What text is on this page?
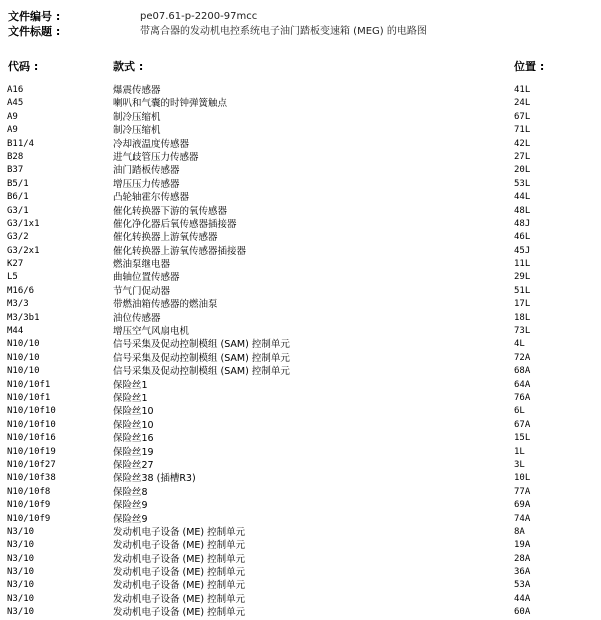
文件编号 :	pe07.61-p-2200-97mcc
文件标题 :	带离合器的发动机电控系统电子油门踏板变速箱 (MEG) 的电路图
代码 :	款式 :	位置 :
A16	爆震传感器	41L
A45	喇叭和气囊的时钟弹簧触点	24L
A9	制冷压缩机	67L
A9	制冷压缩机	71L
B11/4	冷却液温度传感器	42L
B28	进气歧管压力传感器	27L
B37	油门踏板传感器	20L
B5/1	增压压力传感器	53L
B6/1	凸轮轴霍尔传感器	44L
G3/1	催化转换器下游的氧传感器	48L
G3/1x1	催化净化器后氧传感器插接器	48J
G3/2	催化转换器上游氧传感器	46L
G3/2x1	催化转换器上游氧传感器插接器	45J
K27	燃油泵继电器	11L
L5	曲轴位置传感器	29L
M16/6	节气门促动器	51L
M3/3	带燃油箱传感器的燃油泵	17L
M3/3b1	油位传感器	18L
M44	增压空气风扇电机	73L
N10/10	信号采集及促动控制模组 (SAM) 控制单元	4L
N10/10	信号采集及促动控制模组 (SAM) 控制单元	72A
N10/10	信号采集及促动控制模组 (SAM) 控制单元	68A
N10/10f1	保险丝1	64A
N10/10f1	保险丝1	76A
N10/10f10	保险丝10	6L
N10/10f10	保险丝10	67A
N10/10f16	保险丝16	15L
N10/10f19	保险丝19	1L
N10/10f27	保险丝27	3L
N10/10f38	保险丝38 (插槽R3)	10L
N10/10f8	保险丝8	77A
N10/10f9	保险丝9	69A
N10/10f9	保险丝9	74A
N3/10	发动机电子设备 (ME) 控制单元	8A
N3/10	发动机电子设备 (ME) 控制单元	19A
N3/10	发动机电子设备 (ME) 控制单元	28A
N3/10	发动机电子设备 (ME) 控制单元	36A
N3/10	发动机电子设备 (ME) 控制单元	53A
N3/10	发动机电子设备 (ME) 控制单元	44A
N3/10	发动机电子设备 (ME) 控制单元	60A
